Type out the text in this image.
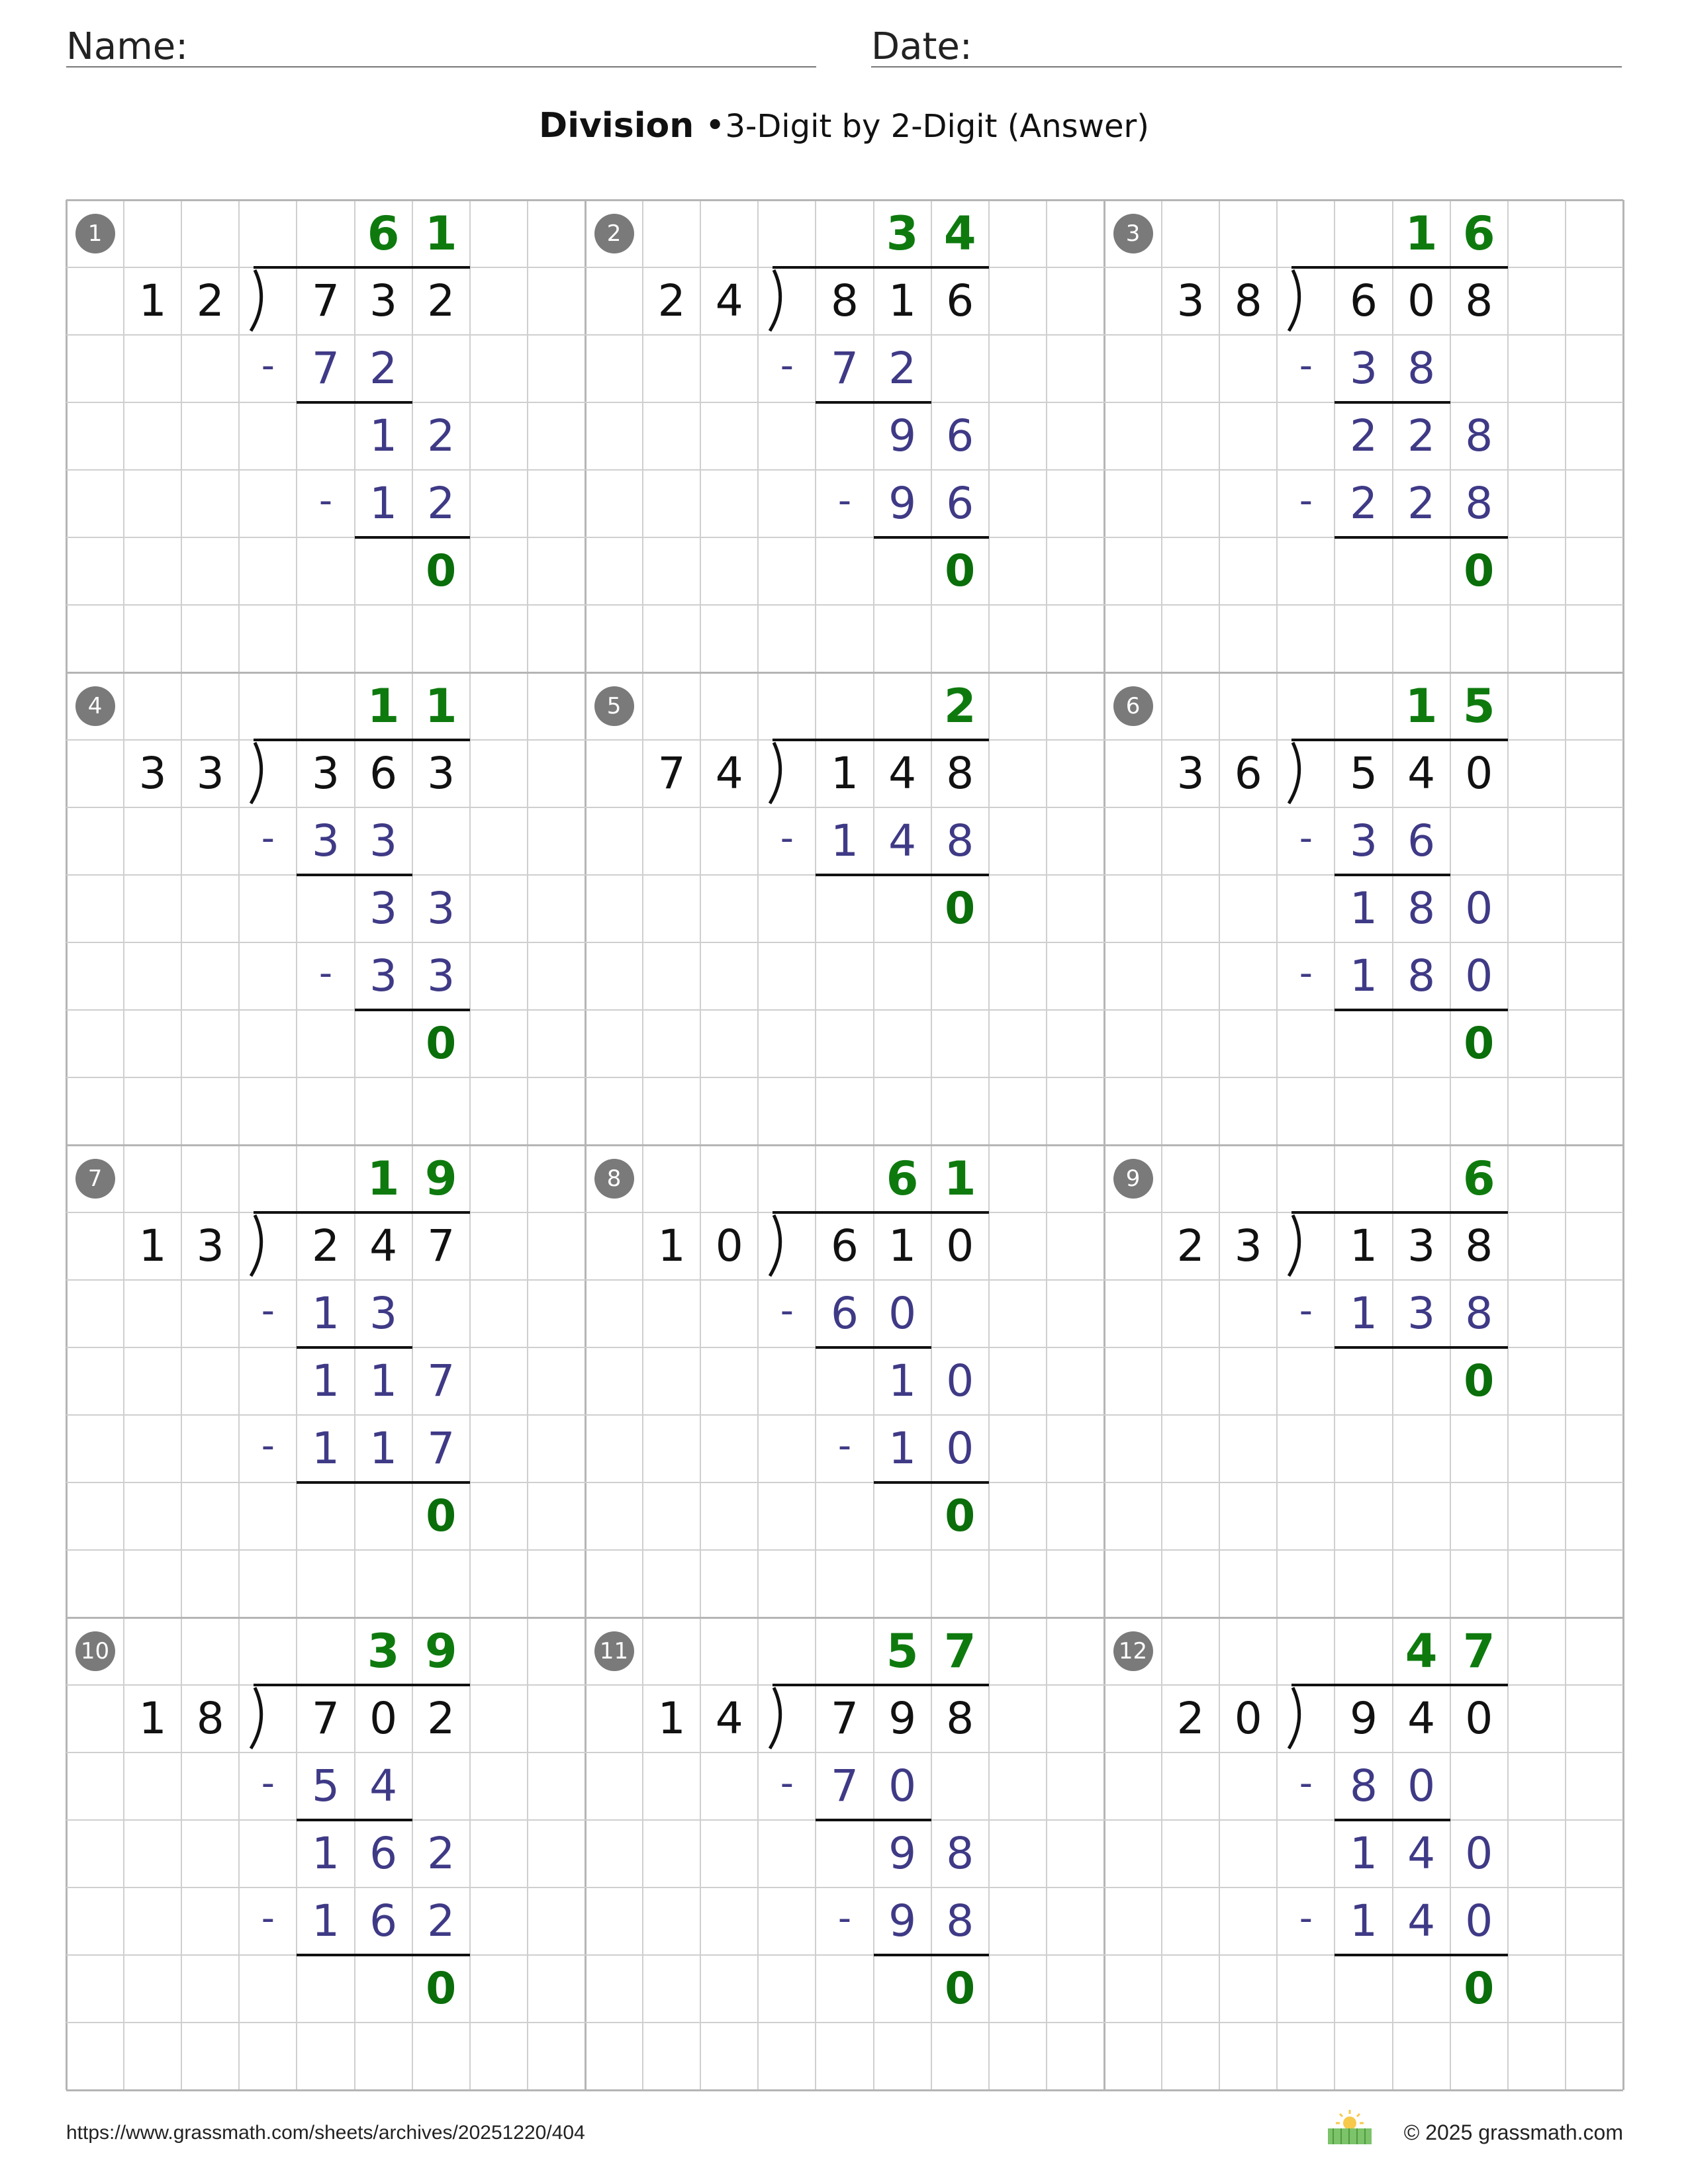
Name:	Date:
Division •3-Digit by 2-Digit (Answer)
1	6 1
1 2	7 3 2
- 7 2
1 2
- 1 2
0
2	3 4
2 4	8 1 6
- 7 2
9 6
- 9 6
0
3	1 6
3 8	6 0 8
- 3 8
2 2 8
- 2 2 8
0
4	1 1
3 3	3 6 3
- 3 3
3 3
- 3 3
0
5	2
7 4	1 4 8
- 1 4 8
0
6	1 5
3 6	5 4 0
- 3 6
1 8 0
- 1 8 0
0
7	1 9
1 3	2 4 7
- 1 3
1 1 7
- 1 1 7
0
8	6 1
1 0	6 1 0
- 6 0
1 0
- 1 0
0
9	6
2 3	1 3 8
- 1 3 8
0
10	3 9
1 8	7 0 2
- 5 4
1 6 2
- 1 6 2
0
11	5 7
1 4	7 9 8
- 7 0
9 8
- 9 8
0
12	4 7
2 0	9 4 0
- 8 0
1 4 0
- 1 4 0
0
https://www.grassmath.com/sheets/archives/20251220/404	© 2025 grassmath.com
